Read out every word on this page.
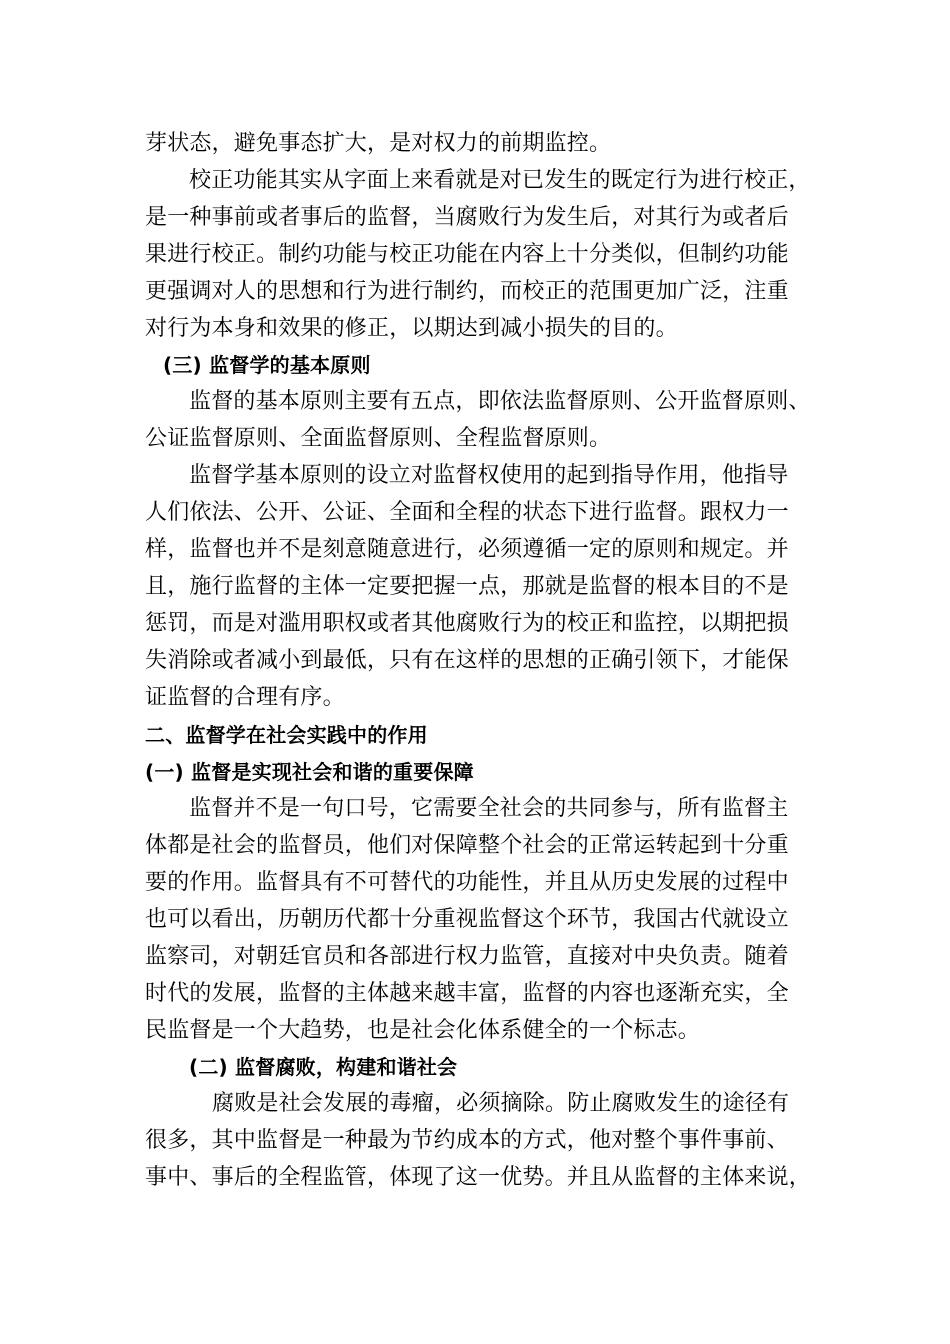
芽状态，避免事态扩大，是对权力的前期监控。
校正功能其实从字面上来看就是对已发生的既定行为进行校正，
是一种事前或者事后的监督，当腐败行为发生后，对其行为或者后
果进行校正。制约功能与校正功能在内容上十分类似，但制约功能
更强调对人的思想和行为进行制约，而校正的范围更加广泛，注重
对行为本身和效果的修正，以期达到减小损失的目的。
(三) 监督学的基本原则
监督的基本原则主要有五点，即依法监督原则、公开监督原则、
公证监督原则、全面监督原则、全程监督原则。
监督学基本原则的设立对监督权使用的起到指导作用，他指导
人们依法、公开、公证、全面和全程的状态下进行监督。跟权力一
样，监督也并不是刻意随意进行，必须遵循一定的原则和规定。并
且，施行监督的主体一定要把握一点，那就是监督的根本目的不是
惩罚，而是对滥用职权或者其他腐败行为的校正和监控，以期把损
失消除或者减小到最低，只有在这样的思想的正确引领下，才能保
证监督的合理有序。
二、监督学在社会实践中的作用
(一) 监督是实现社会和谐的重要保障
监督并不是一句口号，它需要全社会的共同参与，所有监督主
体都是社会的监督员，他们对保障整个社会的正常运转起到十分重
要的作用。监督具有不可替代的功能性，并且从历史发展的过程中
也可以看出，历朝历代都十分重视监督这个环节，我国古代就设立
监察司，对朝廷官员和各部进行权力监管，直接对中央负责。随着
时代的发展，监督的主体越来越丰富，监督的内容也逐渐充实，全
民监督是一个大趋势，也是社会化体系健全的一个标志。
(二) 监督腐败，构建和谐社会
腐败是社会发展的毒瘤，必须摘除。防止腐败发生的途径有
很多，其中监督是一种最为节约成本的方式，他对整个事件事前、
事中、事后的全程监管，体现了这一优势。并且从监督的主体来说，
